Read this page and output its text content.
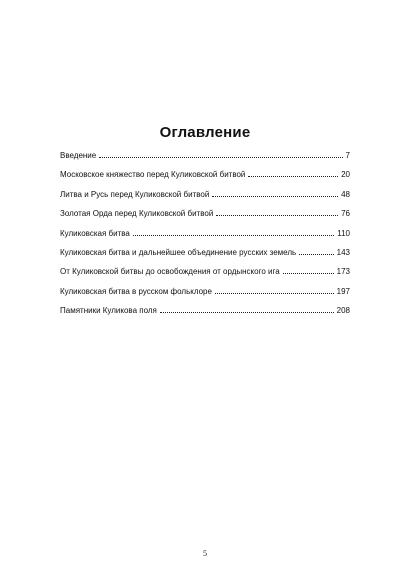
Оглавление
Введение	7
Московское княжество перед Куликовской битвой	20
Литва и Русь перед Куликовской битвой	48
Золотая Орда перед Куликовской битвой	76
Куликовская битва	110
Куликовская битва и дальнейшее объединение русских земель	143
От Куликовской битвы до освобождения от ордынского ига	173
Куликовская битва в русском фольклоре	197
Памятники Куликова поля	208

5
